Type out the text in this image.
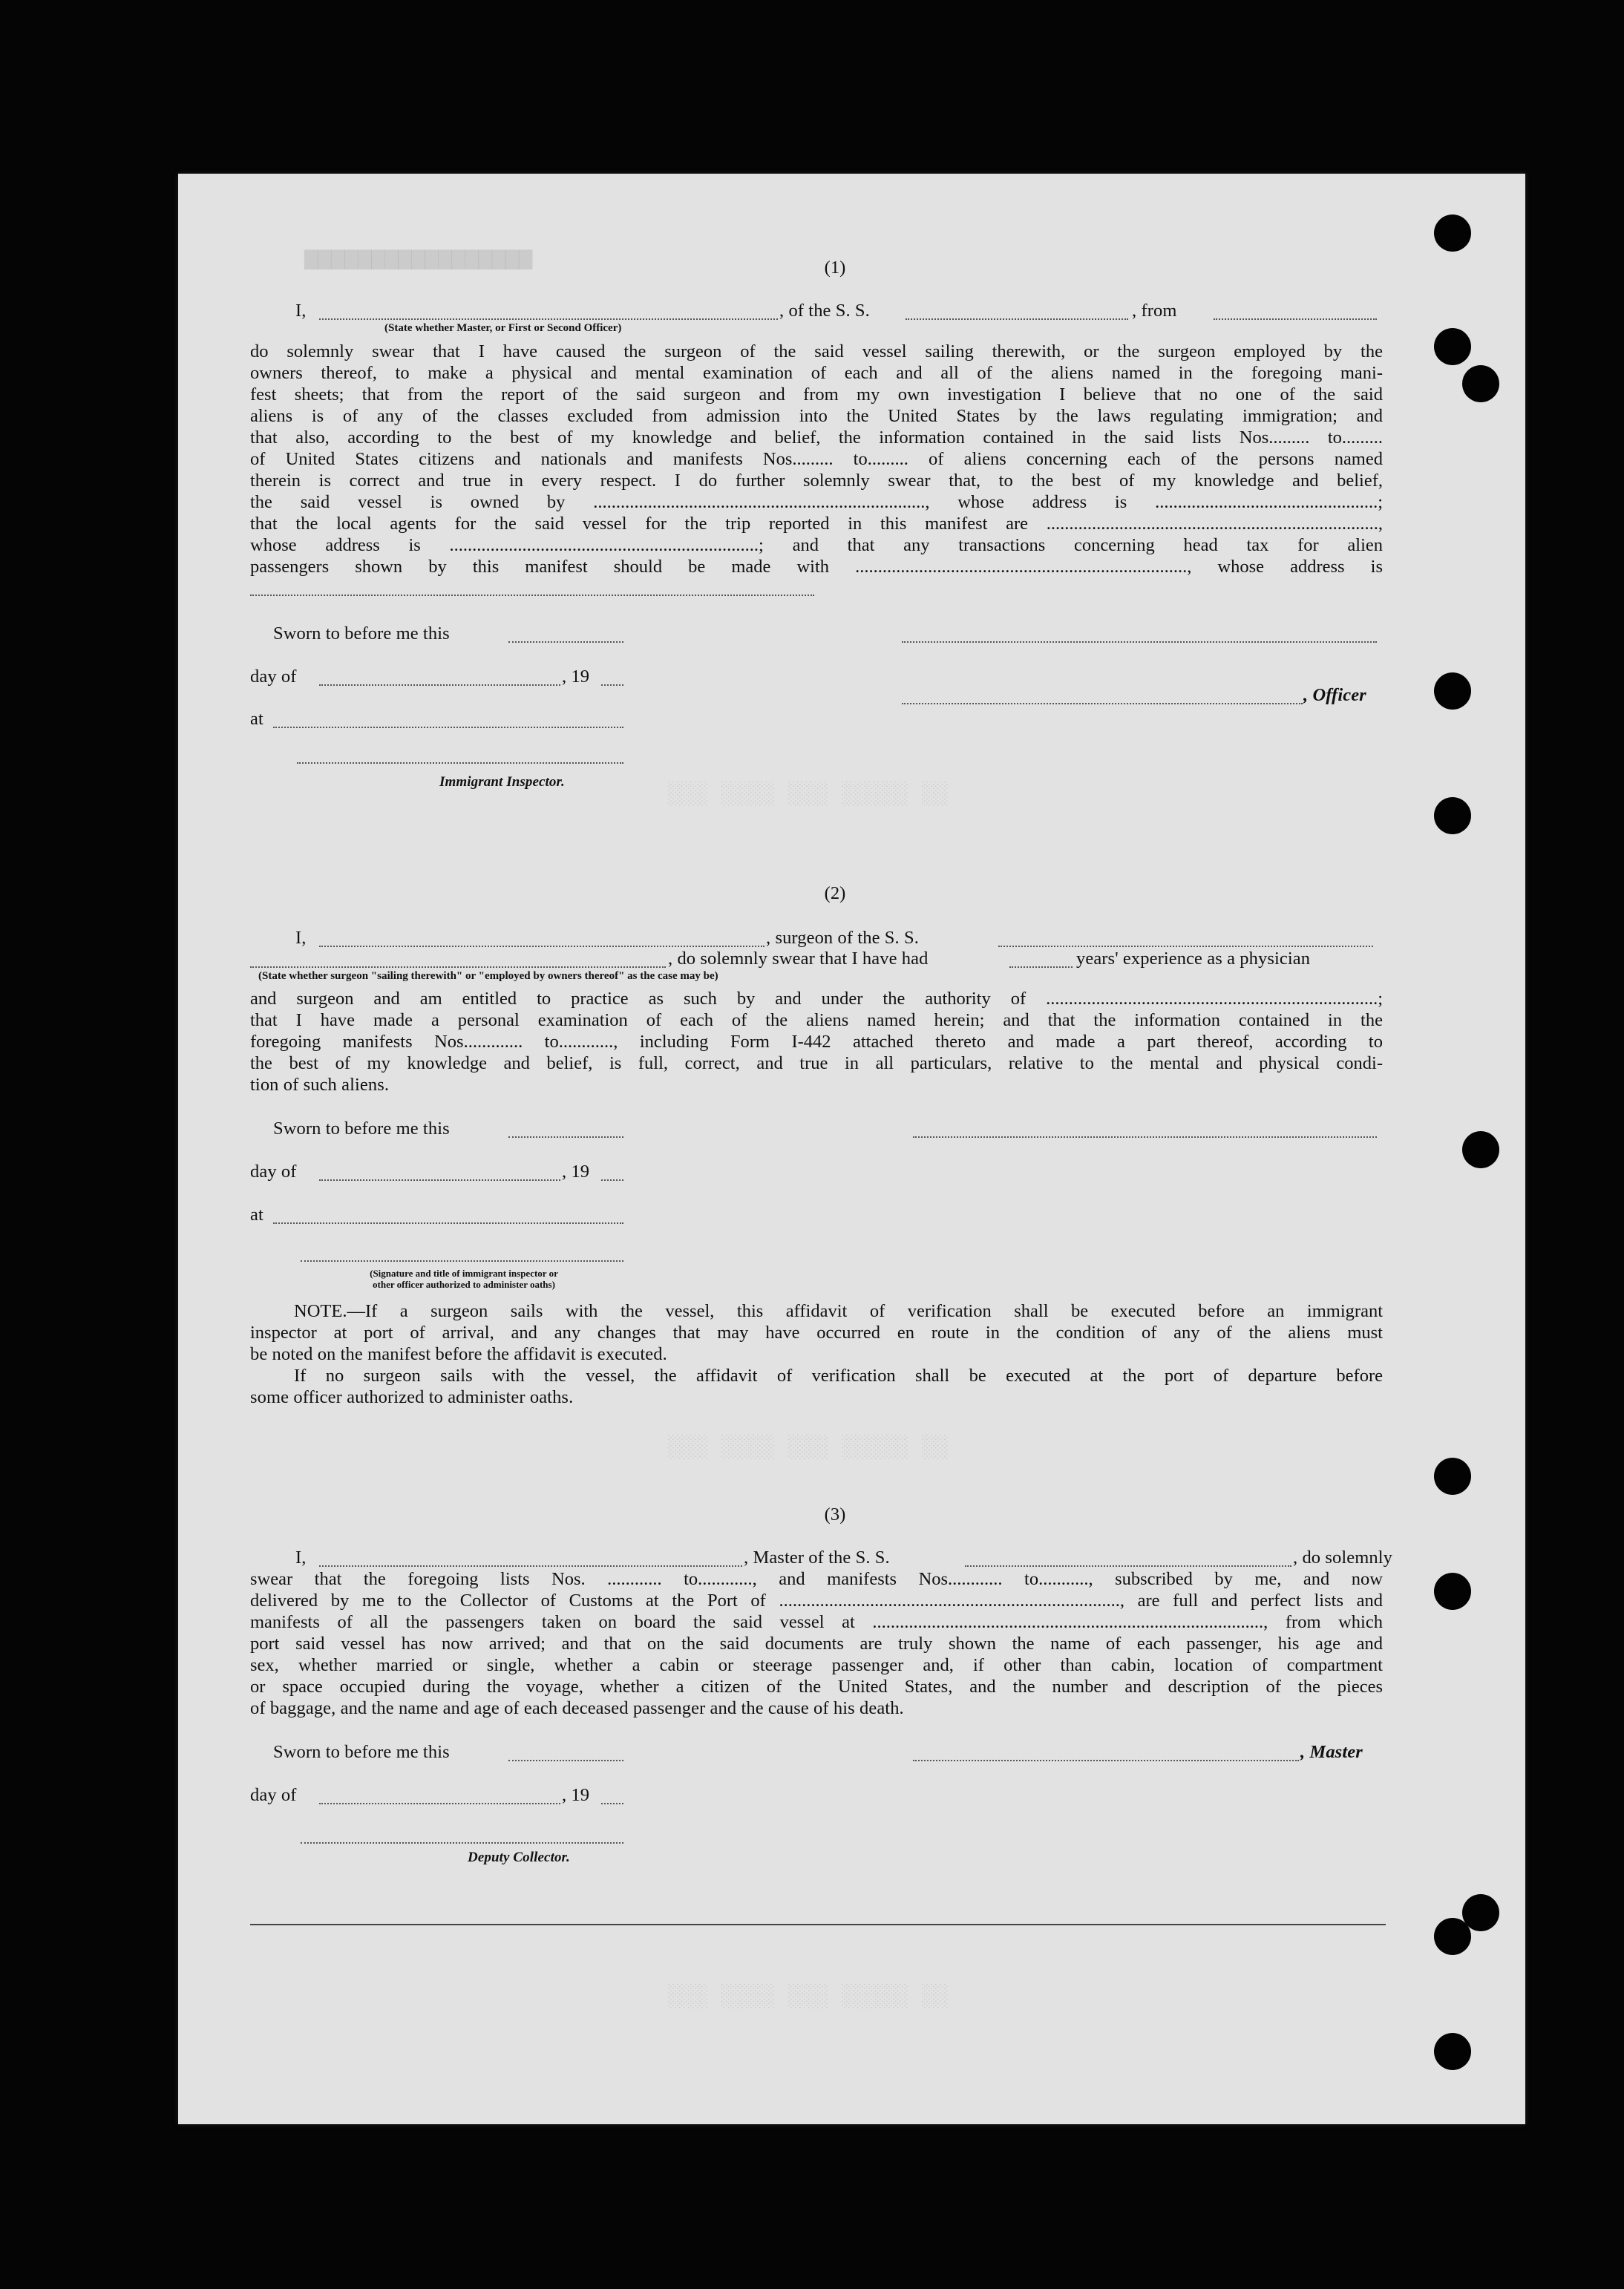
▆▆▆▆▆▆▆▆▆▆▆▆▆▆▆▆▆
░░░ ░░░░ ░░░ ░░░░░ ░░
░░░ ░░░░ ░░░ ░░░░░ ░░
░░░ ░░░░ ░░░ ░░░░░ ░░
(1)
I,	, of the S. S.	, from
(State whether Master, or First or Second Officer)
do solemnly swear that I have caused the surgeon of the said vessel sailing therewith, or the surgeon employed by the
owners thereof, to make a physical and mental examination of each and all of the aliens named in the foregoing mani-
fest sheets; that from the report of the said surgeon and from my own investigation I believe that no one of the said
aliens is of any of the classes excluded from admission into the United States by the laws regulating immigration; and
that also, according to the best of my knowledge and belief, the information contained in the said lists Nos......... to.........
of United States citizens and nationals and manifests Nos......... to......... of aliens concerning each of the persons named
therein is correct and true in every respect. I do further solemnly swear that, to the best of my knowledge and belief,
the said vessel is owned by ........................................................................., whose address is .................................................;
that the local agents for the said vessel for the trip reported in this manifest are .........................................................................,
whose address is ....................................................................; and that any transactions concerning head tax for alien
passengers shown by this manifest should be made with ........................................................................., whose address is
Sworn to before me this
day of	, 19
, Officer
at
Immigrant Inspector.
(2)
I,	, surgeon of the S. S.
, do solemnly swear that I have had	years' experience as a physician
(State whether surgeon "sailing therewith" or "employed by owners thereof" as the case may be)
and surgeon and am entitled to practice as such by and under the authority of .........................................................................;
that I have made a personal examination of each of the aliens named herein; and that the information contained in the
foregoing manifests Nos............. to............, including Form I-442 attached thereto and made a part thereof, according to
the best of my knowledge and belief, is full, correct, and true in all particulars, relative to the mental and physical condi-
tion of such aliens.
Sworn to before me this
day of	, 19
at
(Signature and title of immigrant inspector or
other officer authorized to administer oaths)
NOTE.—If a surgeon sails with the vessel, this affidavit of verification shall be executed before an immigrant
inspector at port of arrival, and any changes that may have occurred en route in the condition of any of the aliens must
be noted on the manifest before the affidavit is executed.
If no surgeon sails with the vessel, the affidavit of verification shall be executed at the port of departure before
some officer authorized to administer oaths.
(3)
I,	, Master of the S. S.	, do solemnly
swear that the foregoing lists Nos. ............ to............, and manifests Nos............ to..........., subscribed by me, and now
delivered by me to the Collector of Customs at the Port of ..........................................................................., are full and perfect lists and
manifests of all the passengers taken on board the said vessel at ......................................................................................, from which
port said vessel has now arrived; and that on the said documents are truly shown the name of each passenger, his age and
sex, whether married or single, whether a cabin or steerage passenger and, if other than cabin, location of compartment
or space occupied during the voyage, whether a citizen of the United States, and the number and description of the pieces
of baggage, and the name and age of each deceased passenger and the cause of his death.
Sworn to before me this	, Master
day of	, 19
Deputy Collector.
